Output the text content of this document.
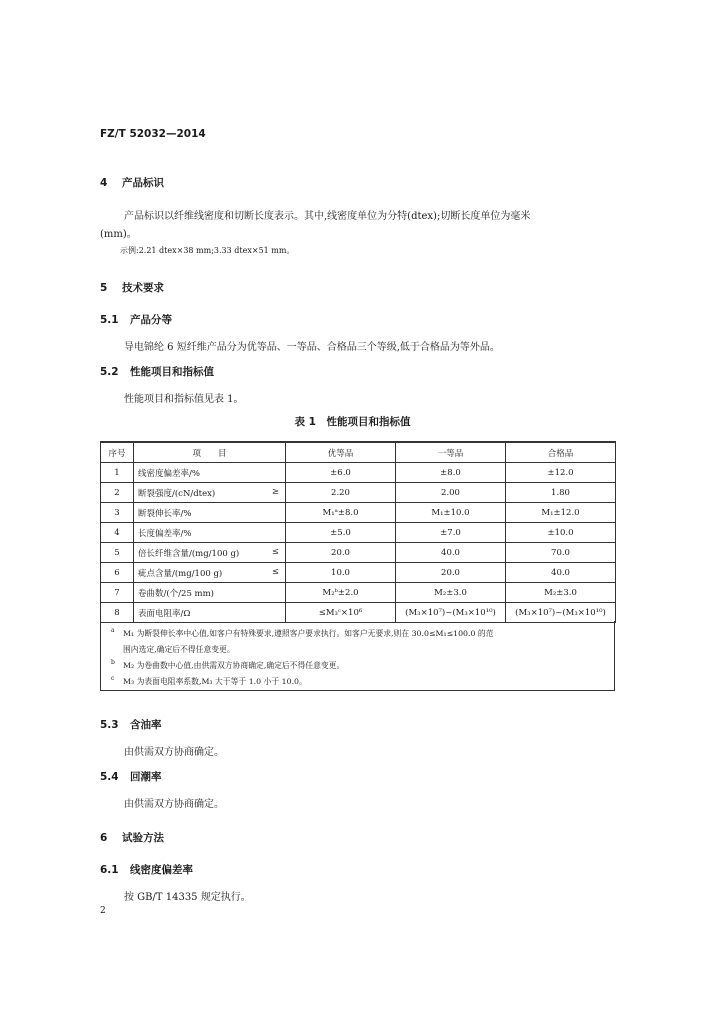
FZ/T 52032—2014
4 产品标识
产品标识以纤维线密度和切断长度表示。其中,线密度单位为分特(dtex);切断长度单位为毫米
(mm)。
示例:2.21 dtex×38 mm;3.33 dtex×51 mm。
5 技术要求
5.1 产品分等
导电锦纶 6 短纤维产品分为优等品、一等品、合格品三个等级,低于合格品为等外品。
5.2 性能项目和指标值
性能项目和指标值见表 1。
表 1　性能项目和指标值
序号	项　　目	优等品	一等品	合格品
1	线密度偏差率/%	±6.0	±8.0	±12.0
2	断裂强度/(cN/dtex) ≥	2.20	2.00	1.80
3	断裂伸长率/%	M₁ᵃ±8.0	M₁±10.0	M₁±12.0
4	长度偏差率/%	±5.0	±7.0	±10.0
5	倍长纤维含量/(mg/100 g) ≤	20.0	40.0	70.0
6	疵点含量/(mg/100 g) ≤	10.0	20.0	40.0
7	卷曲数/(个/25 mm)	M₂ᵇ±2.0	M₂±3.0	M₂±3.0
8	表面电阻率/Ω	≤M₃ᶜ×10⁶	(M₃×10⁷)~(M₃×10¹⁰)	(M₃×10⁷)~(M₃×10¹⁰)
a M₁ 为断裂伸长率中心值,如客户有特殊要求,遵照客户要求执行。如客户无要求,则在 30.0≤M₁≤100.0 的范
围内选定,确定后不得任意变更。
b M₂ 为卷曲数中心值,由供需双方协商确定,确定后不得任意变更。
c M₃ 为表面电阻率系数,M₃ 大于等于 1.0 小于 10.0。
5.3 含油率
由供需双方协商确定。
5.4 回潮率
由供需双方协商确定。
6 试验方法
6.1 线密度偏差率
按 GB/T 14335 规定执行。
2
